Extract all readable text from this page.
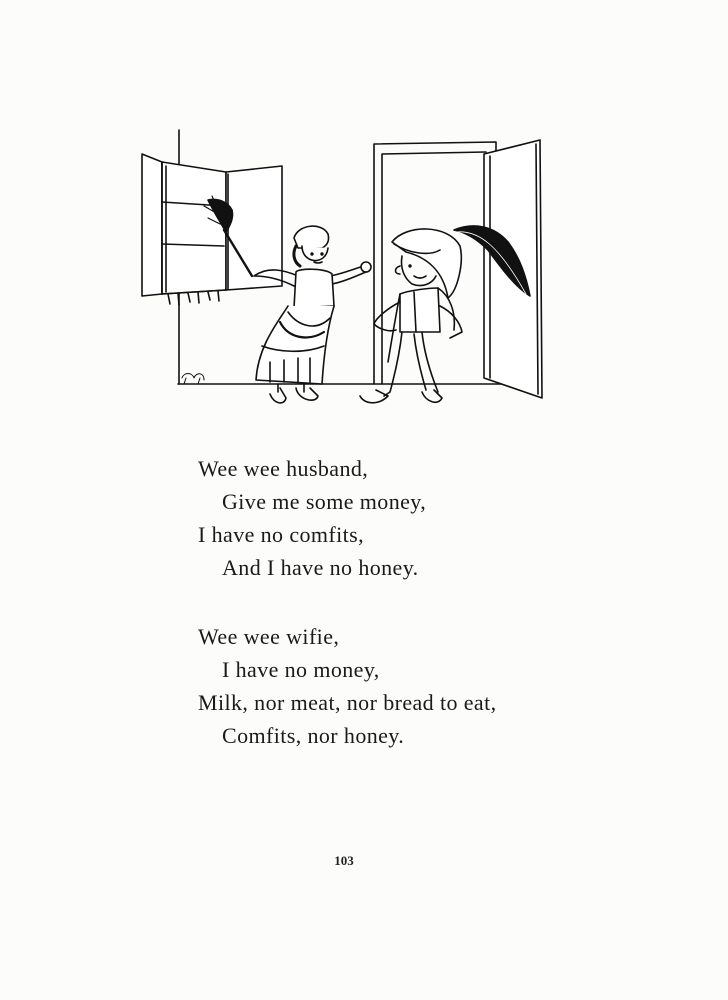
Wee wee husband,
Give me some money,
I have no comfits,
And I have no honey.
Wee wee wifie,
I have no money,
Milk, nor meat, nor bread to eat,
Comfits, nor honey.
103
